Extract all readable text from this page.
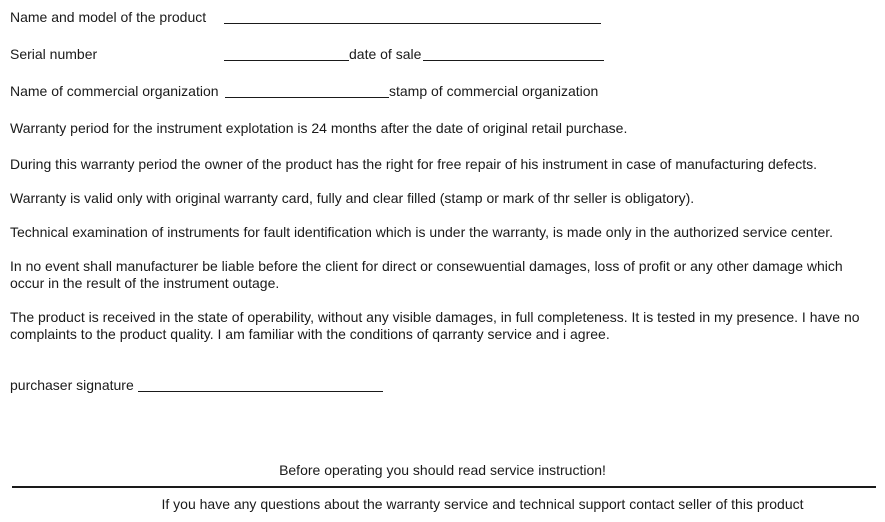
Name and model of the product
Serial number	date of sale
Name of commercial organization	stamp of commercial organization
Warranty period for the instrument explotation is 24 months after the date of original retail purchase.
During this warranty period the owner of the product has the right for free repair of his instrument in case of manufacturing defects.
Warranty is valid only with original warranty card, fully and clear filled (stamp or mark of thr seller is obligatory).
Technical examination of instruments for fault identification which is under the warranty, is made only in the authorized service center.
In no event shall manufacturer be liable before the client for direct or consewuential damages, loss of profit or any other damage which occur in the result of the instrument outage.
The product is received in the state of operability, without any visible damages, in full completeness. It is tested in my presence. I have no complaints to the product quality. I am familiar with the conditions of qarranty service and i agree.
purchaser signature
Before operating you should read service instruction!
If you have any questions about the warranty service and technical support contact seller of this product
